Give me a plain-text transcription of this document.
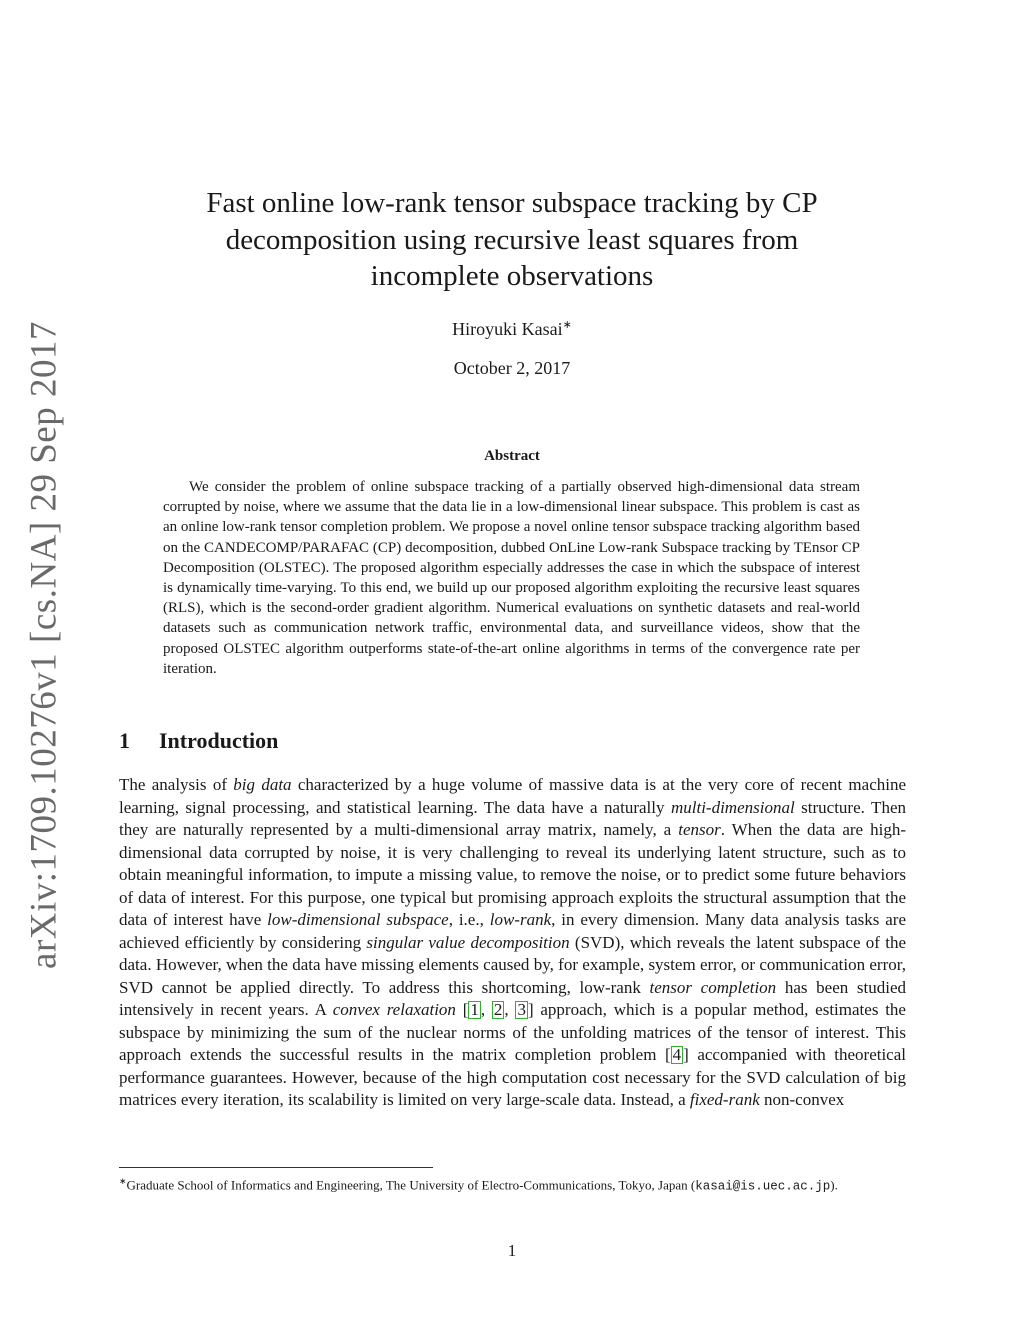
arXiv:1709.10276v1 [cs.NA] 29 Sep 2017
Fast online low-rank tensor subspace tracking by CP decomposition using recursive least squares from incomplete observations
Hiroyuki Kasai∗
October 2, 2017
Abstract

We consider the problem of online subspace tracking of a partially observed high-dimensional data stream corrupted by noise, where we assume that the data lie in a low-dimensional linear subspace. This problem is cast as an online low-rank tensor completion problem. We propose a novel online tensor subspace tracking algorithm based on the CANDECOMP/PARAFAC (CP) decomposition, dubbed OnLine Low-rank Subspace tracking by TEnsor CP Decomposition (OLSTEC). The proposed algorithm especially addresses the case in which the subspace of interest is dynamically time-varying. To this end, we build up our proposed algorithm exploiting the recursive least squares (RLS), which is the second-order gradient algorithm. Numerical evaluations on synthetic datasets and real-world datasets such as communication network traffic, environmental data, and surveillance videos, show that the proposed OLSTEC algorithm outperforms state-of-the-art online algorithms in terms of the convergence rate per iteration.

1 Introduction

The analysis of big data characterized by a huge volume of massive data is at the very core of recent machine learning, signal processing, and statistical learning. The data have a naturally multi-dimensional structure. Then they are naturally represented by a multi-dimensional array matrix, namely, a tensor. When the data are high-dimensional data corrupted by noise, it is very challenging to reveal its underlying latent structure, such as to obtain meaningful information, to impute a missing value, to remove the noise, or to predict some future behaviors of data of interest. For this purpose, one typical but promising approach exploits the structural assumption that the data of interest have low-dimensional subspace, i.e., low-rank, in every dimension. Many data analysis tasks are achieved efficiently by considering singular value decomposition (SVD), which reveals the latent subspace of the data. However, when the data have missing elements caused by, for example, system error, or communication error, SVD cannot be applied directly. To address this shortcoming, low-rank tensor completion has been studied intensively in recent years. A convex relaxation [ 1 , 2 , 3 ] approach, which is a popular method, estimates the subspace by minimizing the sum of the nuclear norms of the unfolding matrices of the tensor of interest. This approach extends the successful results in the matrix completion problem [ 4 ] accompanied with theoretical performance guarantees. However, because of the high computation cost necessary for the SVD calculation of big matrices every iteration, its scalability is limited on very large-scale data. Instead, a fixed-rank non-convex

∗Graduate School of Informatics and Engineering, The University of Electro-Communications, Tokyo, Japan (kasai@is.uec.ac.jp).

1
